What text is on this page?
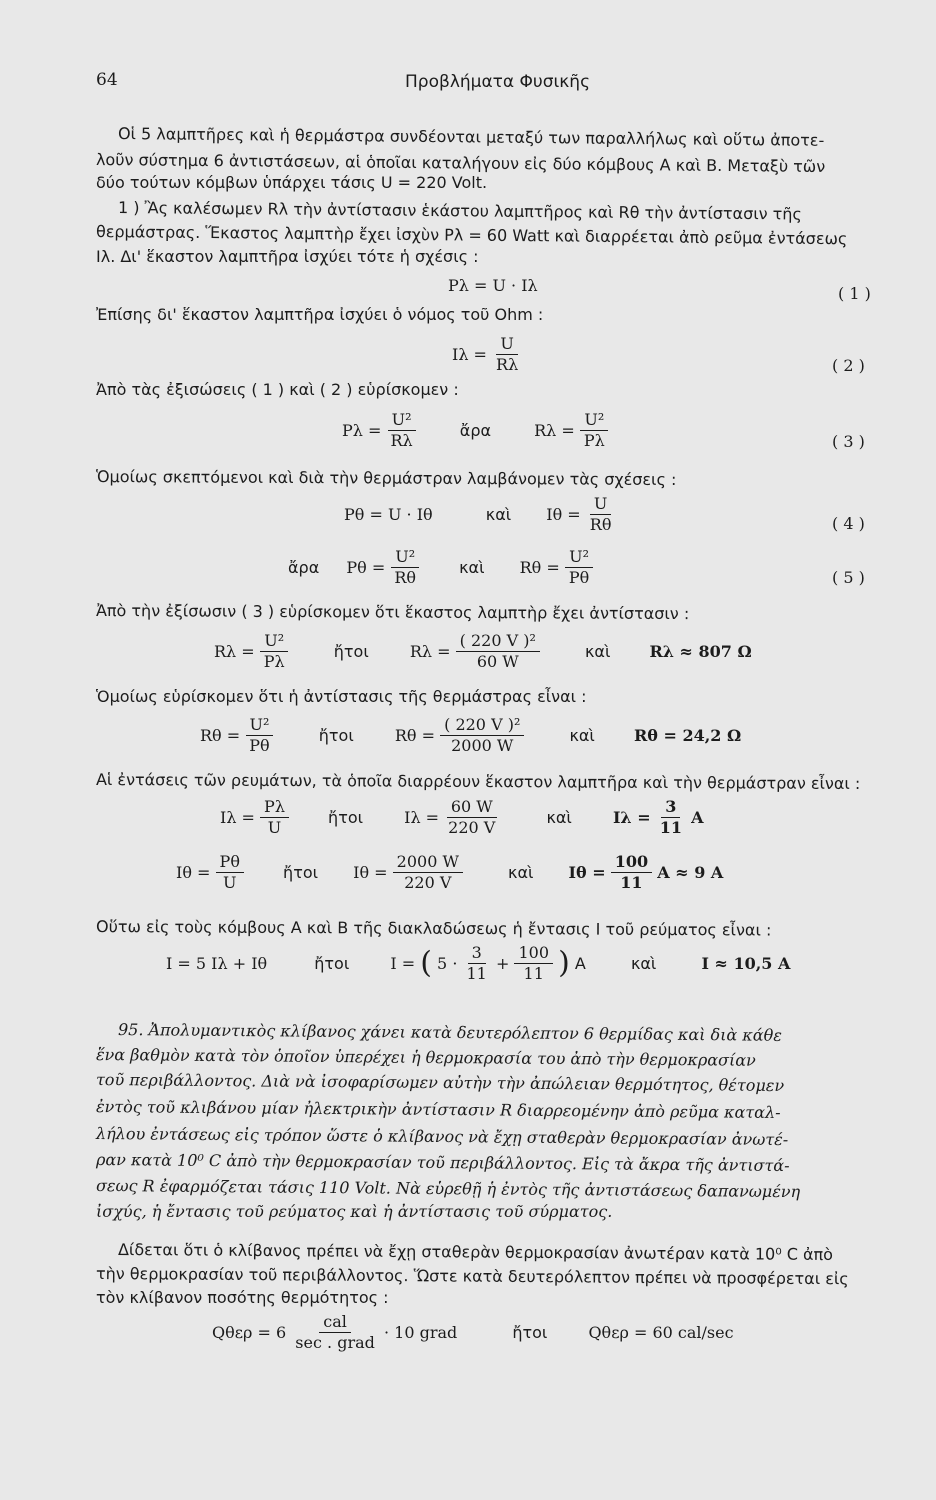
64	Προβλήματα Φυσικῆς
Οἱ 5 λαμπτῆρες καὶ ἡ θερμάστρα συνδέονται μεταξύ των παραλλήλως καὶ οὕτω ἀποτε-
λοῦν σύστημα 6 ἀντιστάσεων, αἱ ὁποῖαι καταλήγουν εἰς δύο κόμβους Α καὶ Β. Μεταξὺ τῶν
δύο τούτων κόμβων ὑπάρχει τάσις U = 220 Volt.
1 ) Ἂς καλέσωμεν Rλ τὴν ἀντίστασιν ἑκάστου λαμπτῆρος καὶ Rθ τὴν ἀντίστασιν τῆς
θερμάστρας. Ἕκαστος λαμπτὴρ ἔχει ἰσχὺν Pλ = 60 Watt καὶ διαρρέεται ἀπὸ ρεῦμα ἐντάσεως
Iλ. Δι' ἕκαστον λαμπτῆρα ἰσχύει τότε ἡ σχέσις :
Pλ = U · Iλ	( 1 )
Ἐπίσης δι' ἕκαστον λαμπτῆρα ἰσχύει ὁ νόμος τοῦ Ohm :
$I\lambda = \frac{U}{R\lambda}$	( 2 )
Ἀπὸ τὰς ἐξισώσεις ( 1 ) καὶ ( 2 ) εὑρίσκομεν :
$P\lambda = \frac{\text{U²}}{R\lambda}$	ἄρα	$R\lambda = \frac{\text{U²}}{P\lambda}$	( 3 )
Ὁμοίως σκεπτόμενοι καὶ διὰ τὴν θερμάστραν λαμβάνομεν τὰς σχέσεις :
Pθ = U · Iθ	καὶ $I\theta = \frac{U}{R\theta}$	( 4 )
ἄρα $P\theta = \frac{\text{U²}}{R\theta}$ καὶ $R\theta = \frac{\text{U²}}{P\theta}$	( 5 )
Ἀπὸ τὴν ἐξίσωσιν ( 3 ) εὑρίσκομεν ὅτι ἕκαστος λαμπτὴρ ἔχει ἀντίστασιν :
$R\lambda = \frac{\text{U²}}{P\lambda}$	ἤτοι	$R\lambda = \frac{\text{( 220 V )²}}{60 W}$	καὶ Rλ ≈ 807 Ω
Ὁμοίως εὑρίσκομεν ὅτι ἡ ἀντίστασις τῆς θερμάστρας εἶναι :
$R\theta = \frac{\text{U²}}{P\theta}$	ἤτοι	$R\theta = \frac{\text{( 220 V )²}}{2000 W}$	καὶ Rθ = 24,2 Ω
Αἱ ἐντάσεις τῶν ρευμάτων, τὰ ὁποῖα διαρρέουν ἕκαστον λαμπτῆρα καὶ τὴν θερμάστραν εἶναι :
$I\lambda = \frac{P\lambda}{U}$ ἤτοι	$I\lambda = \frac{60 W}{220 V}$	καὶ	$I\lambda = \frac{3}{11}$ A
$I\theta = \frac{P\theta}{U}$ ἤτοι $I\theta = \frac{2000 W}{220 V}$	καὶ $I\theta = \frac{100}{11}$ A ≈ 9 A
Οὕτω εἰς τοὺς κόμβους Α καὶ Β τῆς διακλαδώσεως ἡ ἔντασις I τοῦ ρεύματος εἶναι :
I = 5 Iλ + Iθ	ἤτοι	I = ( $5 \cdot \frac{3}{11} + \frac{100}{11}$ ) A	καὶ	I ≈ 10,5 A
95. Ἀπολυμαντικὸς κλίβανος χάνει κατὰ δευτερόλεπτον 6 θερμίδας καὶ διὰ κάθε
ἕνα βαθμὸν κατὰ τὸν ὁποῖον ὑπερέχει ἡ θερμοκρασία του ἀπὸ τὴν θερμοκρασίαν
τοῦ περιβάλλοντος. Διὰ νὰ ἰσοφαρίσωμεν αὐτὴν τὴν ἀπώλειαν θερμότητος, θέτομεν
ἐντὸς τοῦ κλιβάνου μίαν ἠλεκτρικὴν ἀντίστασιν R διαρρεομένην ἀπὸ ρεῦμα καταλ-
λήλου ἐντάσεως εἰς τρόπον ὥστε ὁ κλίβανος νὰ ἔχῃ σταθερὰν θερμοκρασίαν ἀνωτέ-
ραν κατὰ 10⁰ C ἀπὸ τὴν θερμοκρασίαν τοῦ περιβάλλοντος. Εἰς τὰ ἄκρα τῆς ἀντιστά-
σεως R ἐφαρμόζεται τάσις 110 Volt. Νὰ εὑρεθῇ ἡ ἐντὸς τῆς ἀντιστάσεως δαπανωμένη
ἰσχύς, ἡ ἔντασις τοῦ ρεύματος καὶ ἡ ἀντίστασις τοῦ σύρματος.
Δίδεται ὅτι ὁ κλίβανος πρέπει νὰ ἔχῃ σταθερὰν θερμοκρασίαν ἀνωτέραν κατὰ 10⁰ C ἀπὸ
τὴν θερμοκρασίαν τοῦ περιβάλλοντος. Ὥστε κατὰ δευτερόλεπτον πρέπει νὰ προσφέρεται εἰς
τὸν κλίβανον ποσότης θερμότητος :
$Q\theta\varepsilon\rho = 6 \frac{\text{cal}}{\text{sec . grad}} \cdot 10$ grad	ἤτοι	Qθερ = 60 cal/sec
